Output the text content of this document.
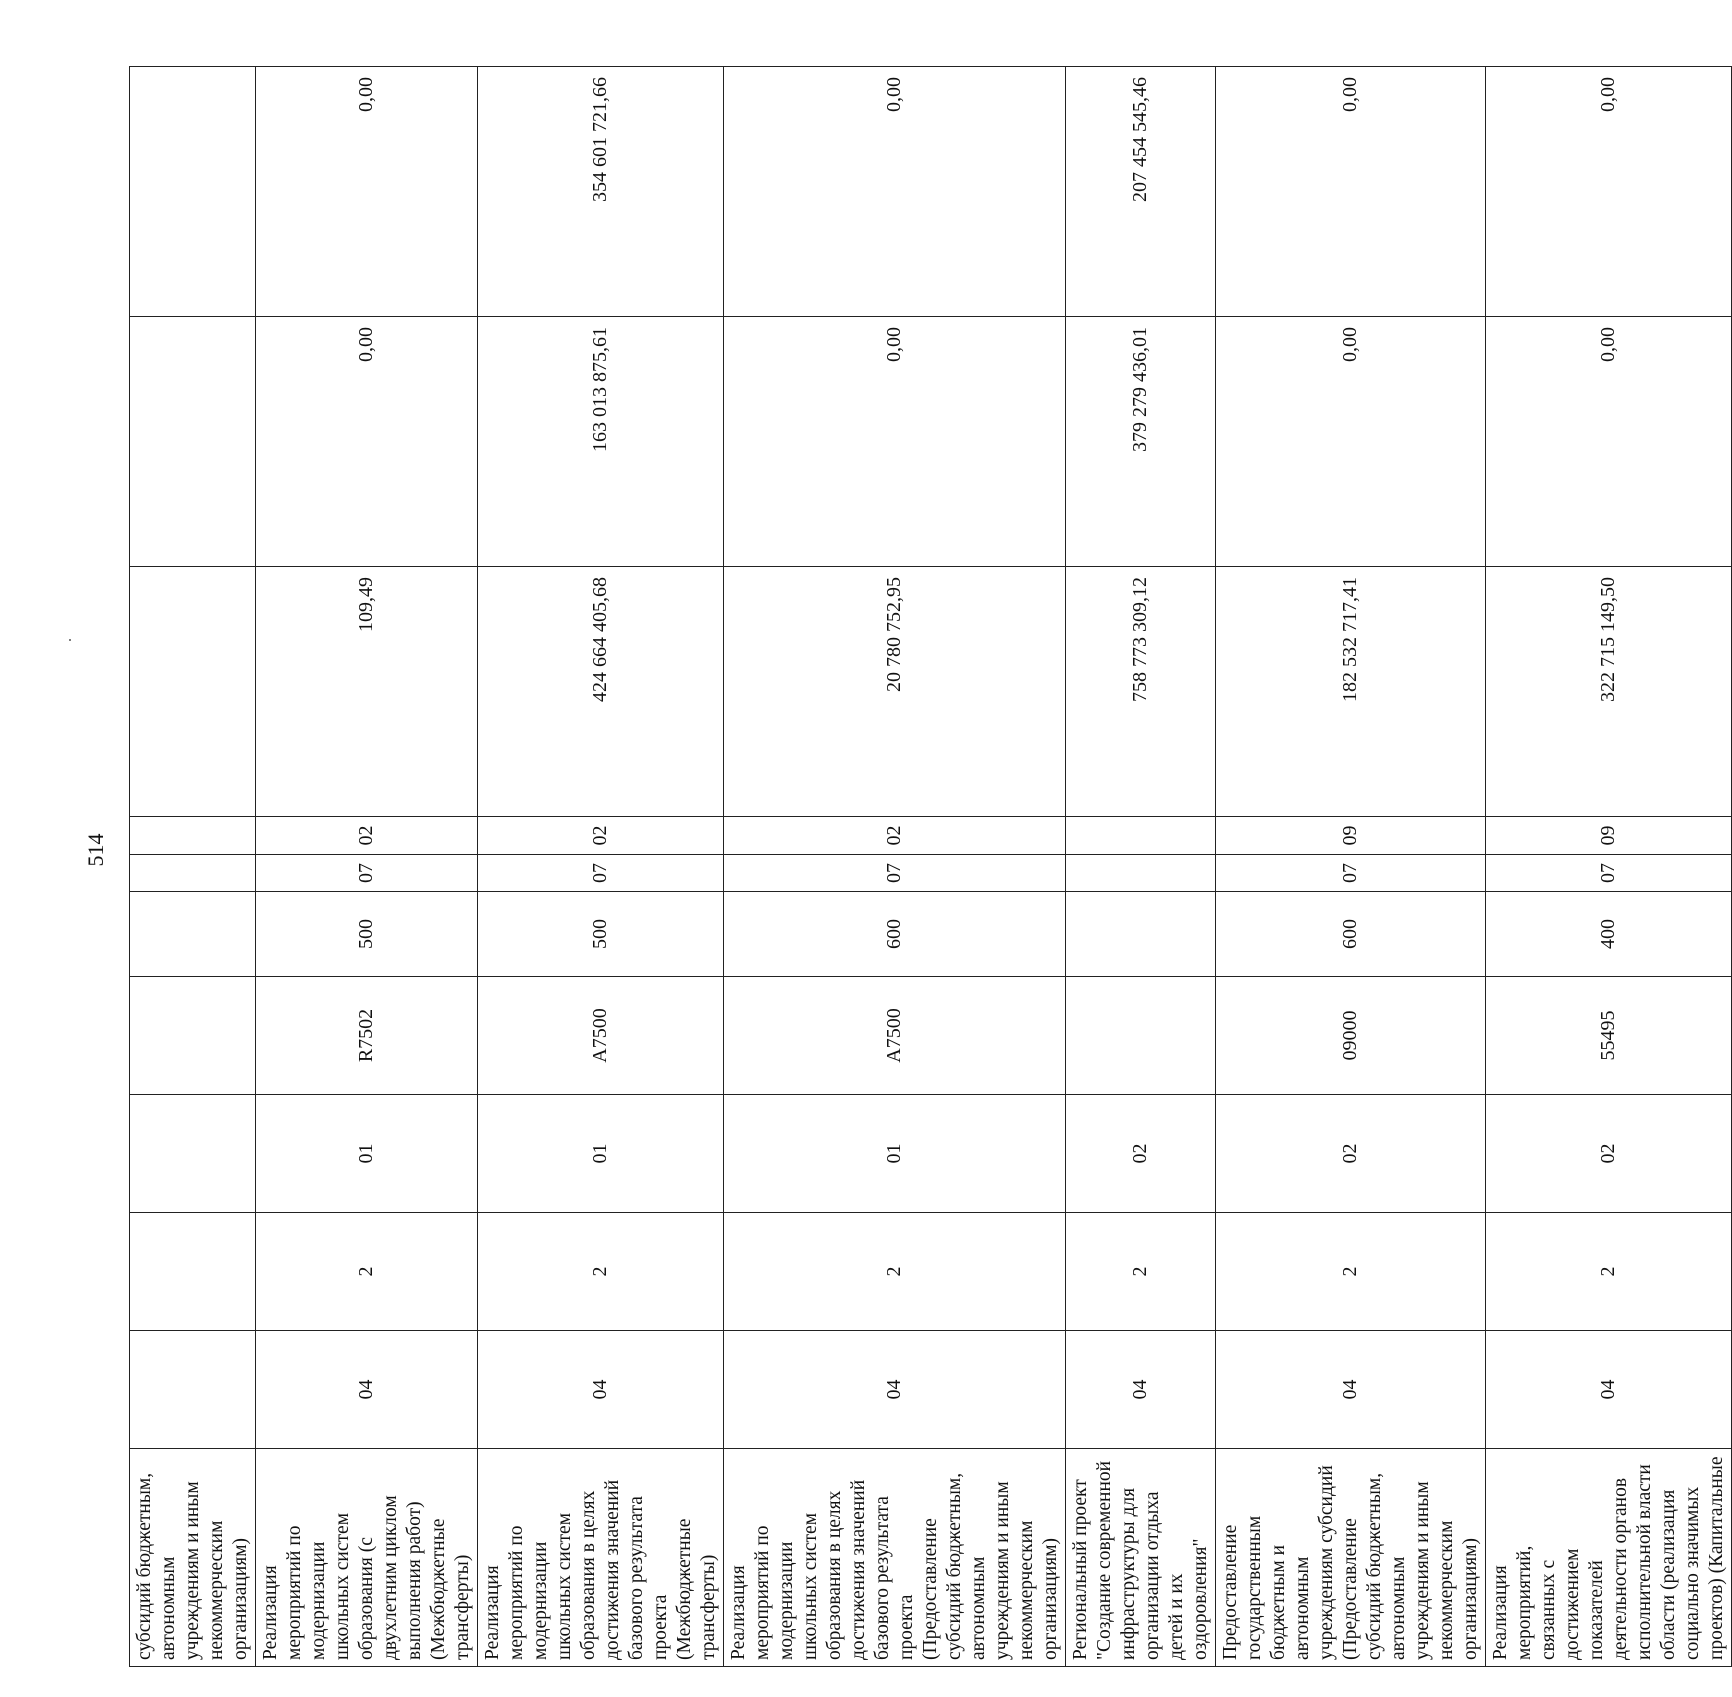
514
субсидий бюджетным, автономным учреждениям и иным некоммерческим организациям)										
Реализация мероприятий по модернизации школьных систем образования (с двухлетним циклом выполнения работ) (Межбюджетные трансферты)	04	2	01	R7502	500	07	02	109,49	0,00	0,00
Реализация мероприятий по модернизации школьных систем образования в целях достижения значений базового результата проекта (Межбюджетные трансферты)	04	2	01	A7500	500	07	02	424 664 405,68	163 013 875,61	354 601 721,66
Реализация мероприятий по модернизации школьных систем образования в целях достижения значений базового результата проекта (Предоставление субсидий бюджетным, автономным учреждениям и иным некоммерческим организациям)	04	2	01	A7500	600	07	02	20 780 752,95	0,00	0,00
Региональный проект "Создание современной инфраструктуры для организации отдыха детей и их оздоровления"	04	2	02					758 773 309,12	379 279 436,01	207 454 545,46
Предоставление государственным бюджетным и автономным учреждениям субсидий (Предоставление субсидий бюджетным, автономным учреждениям и иным некоммерческим организациям)	04	2	02	09000	600	07	09	182 532 717,41	0,00	0,00
Реализация мероприятий, связанных с достижением показателей деятельности органов исполнительной власти области (реализация социально значимых проектов) (Капитальные	04	2	02	55495	400	07	09	322 715 149,50	0,00	0,00
